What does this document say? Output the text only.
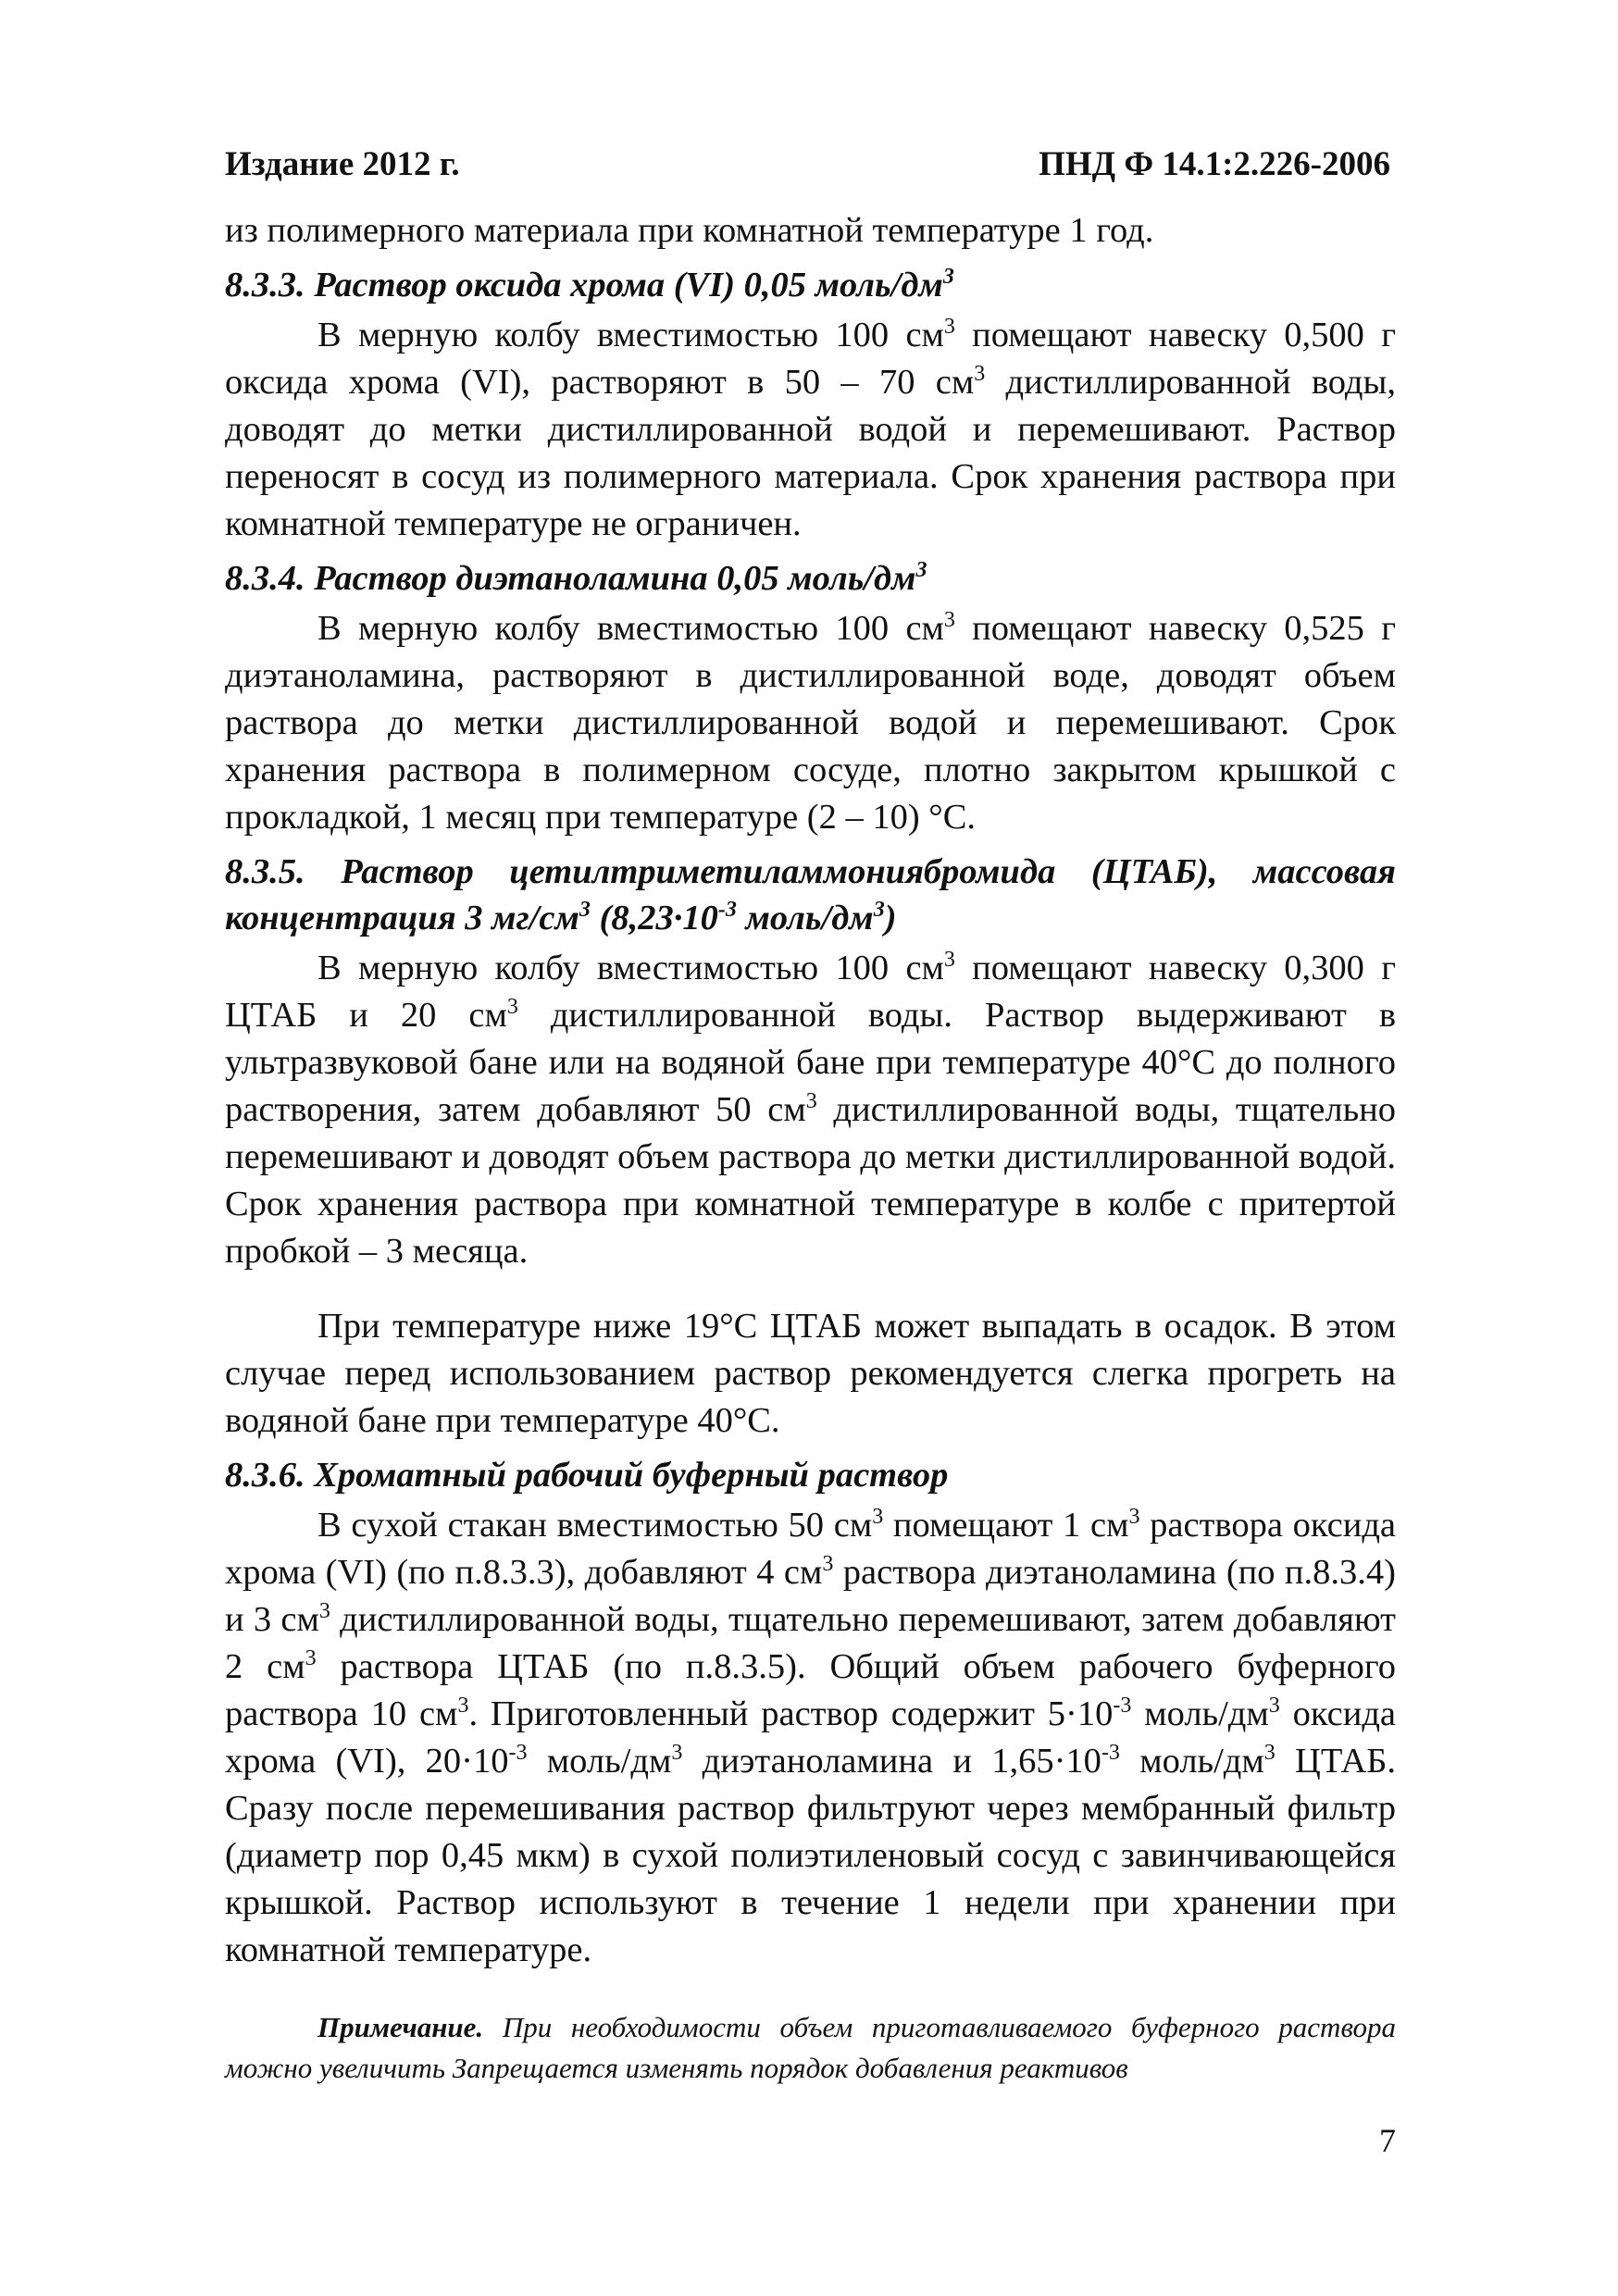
Издание 2012 г.	ПНД Ф 14.1:2.226-2006

из полимерного материала при комнатной температуре 1 год.

8.3.3. Раствор оксида хрома (VI) 0,05 моль/$дм^3$

В мерную колбу вместимостью 100 $см^3$ помещают навеску 0,500 г оксида хрома (VI), растворяют в 50 – 70 $см^3$ дистиллированной воды, доводят до метки дистиллированной водой и перемешивают. Раствор переносят в сосуд из полимерного материала. Срок хранения раствора при комнатной температуре не ограничен.

8.3.4. Раствор диэтаноламина 0,05 моль/$дм^3$

В мерную колбу вместимостью 100 $см^3$ помещают навеску 0,525 г диэтаноламина, растворяют в дистиллированной воде, доводят объем раствора до метки дистиллированной водой и перемешивают. Срок хранения раствора в полимерном сосуде, плотно закрытом крышкой с прокладкой, 1 месяц при температуре (2 – 10) °С.

8.3.5. Раствор цетилтриметиламмониябромида (ЦТАБ), массовая концентрация 3 $мг/см^3$ ($8,23\cdot 10^{-3}$ моль/$дм^3$)

В мерную колбу вместимостью 100 $см^3$ помещают навеску 0,300 г ЦТАБ и 20 $см^3$ дистиллированной воды. Раствор выдерживают в ультразвуковой бане или на водяной бане при температуре 40°С до полного растворения, затем добавляют 50 $см^3$ дистиллированной воды, тщательно перемешивают и доводят объем раствора до метки дистиллированной водой. Срок хранения раствора при комнатной температуре в колбе с притертой пробкой – 3 месяца.

При температуре ниже 19°С ЦТАБ может выпадать в осадок. В этом случае перед использованием раствор рекомендуется слегка прогреть на водяной бане при температуре 40°С.

8.3.6. Хроматный рабочий буферный раствор

В сухой стакан вместимостью 50 $см^3$ помещают 1 $см^3$ раствора оксида хрома (VI) (по п.8.3.3), добавляют 4 $см^3$ раствора диэтаноламина (по п.8.3.4) и 3 $см^3$ дистиллированной воды, тщательно перемешивают, затем добавляют 2 $см^3$ раствора ЦТАБ (по п.8.3.5). Общий объем рабочего буферного раствора 10 $см^3$. Приготовленный раствор содержит $5\cdot 10^{-3}$ моль/$дм^3$ оксида хрома (VI), $20\cdot 10^{-3}$ моль/$дм^3$ диэтаноламина и $1,65\cdot 10^{-3}$ моль/$дм^3$ ЦТАБ. Сразу после перемешивания раствор фильтруют через мембранный фильтр (диаметр пор 0,45 мкм) в сухой полиэтиленовый сосуд с завинчивающейся крышкой. Раствор используют в течение 1 недели при хранении при комнатной температуре.

Примечание. При необходимости объем приготавливаемого буферного раствора можно увеличить Запрещается изменять порядок добавления реактивов
7
